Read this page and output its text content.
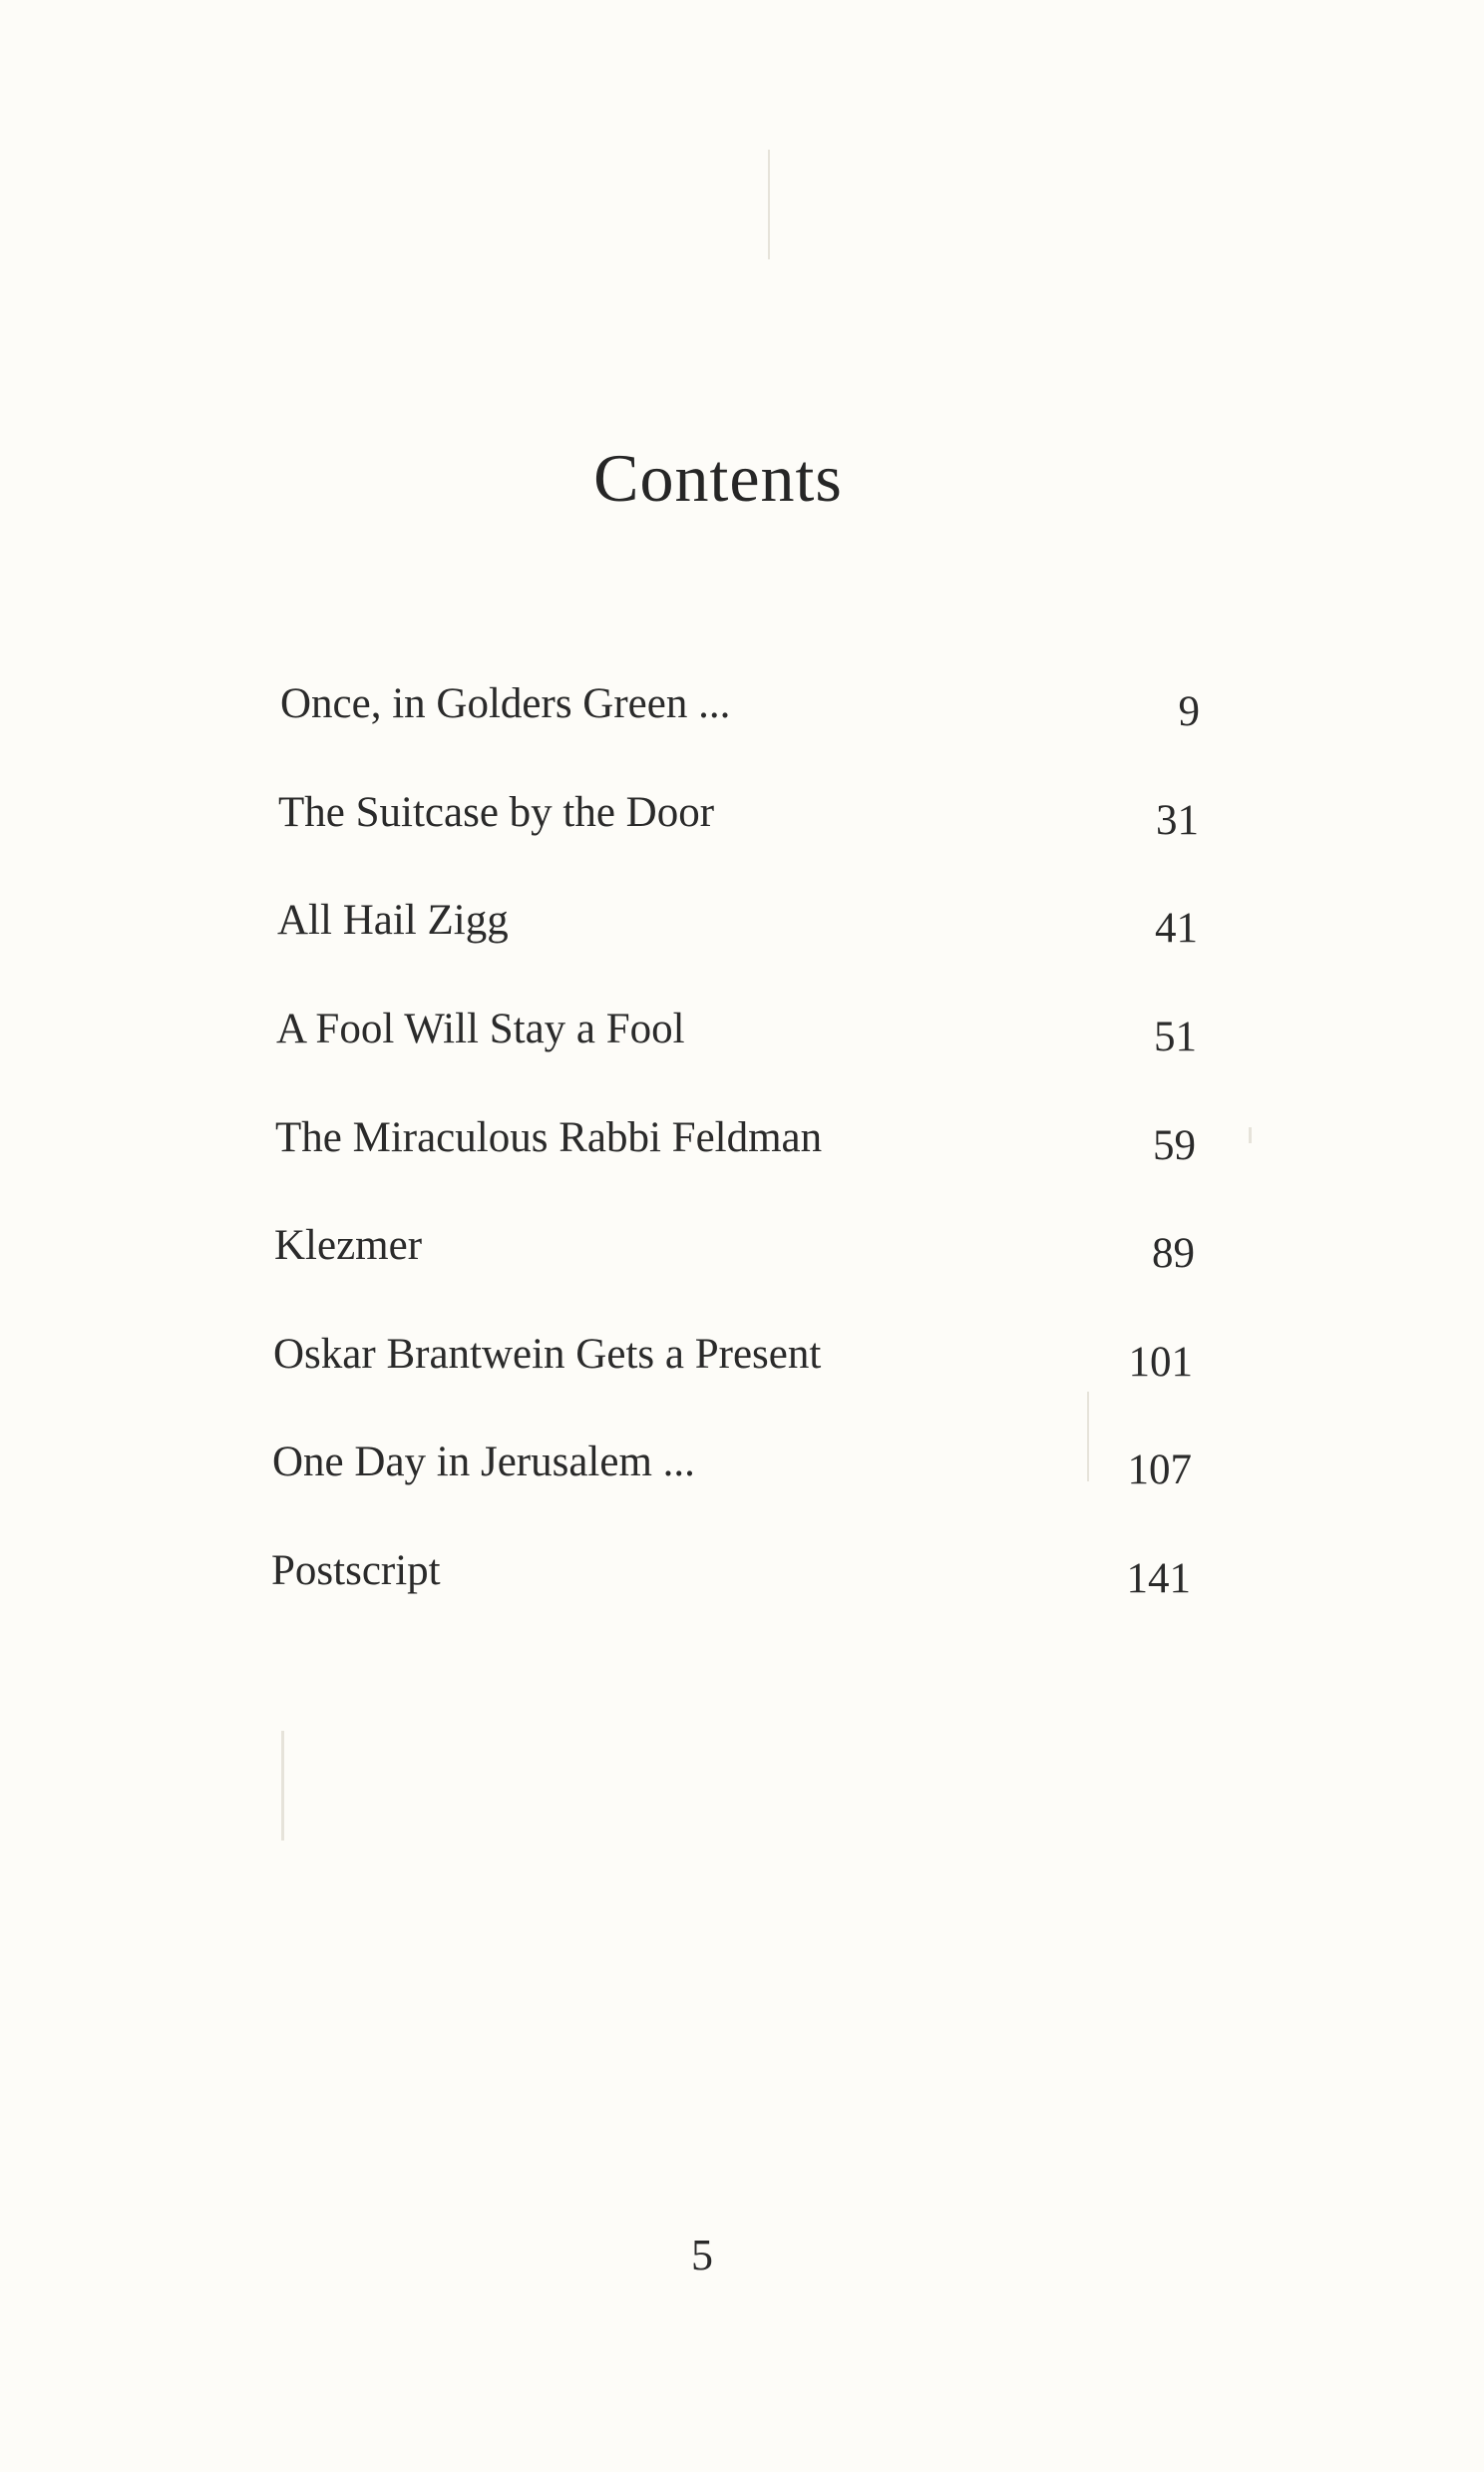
Contents
Once, in Golders Green ...	9
The Suitcase by the Door	31
All Hail Zigg	41
A Fool Will Stay a Fool	51
The Miraculous Rabbi Feldman	59
Klezmer	89
Oskar Brantwein Gets a Present	101
One Day in Jerusalem ...	107
Postscript	141
5
